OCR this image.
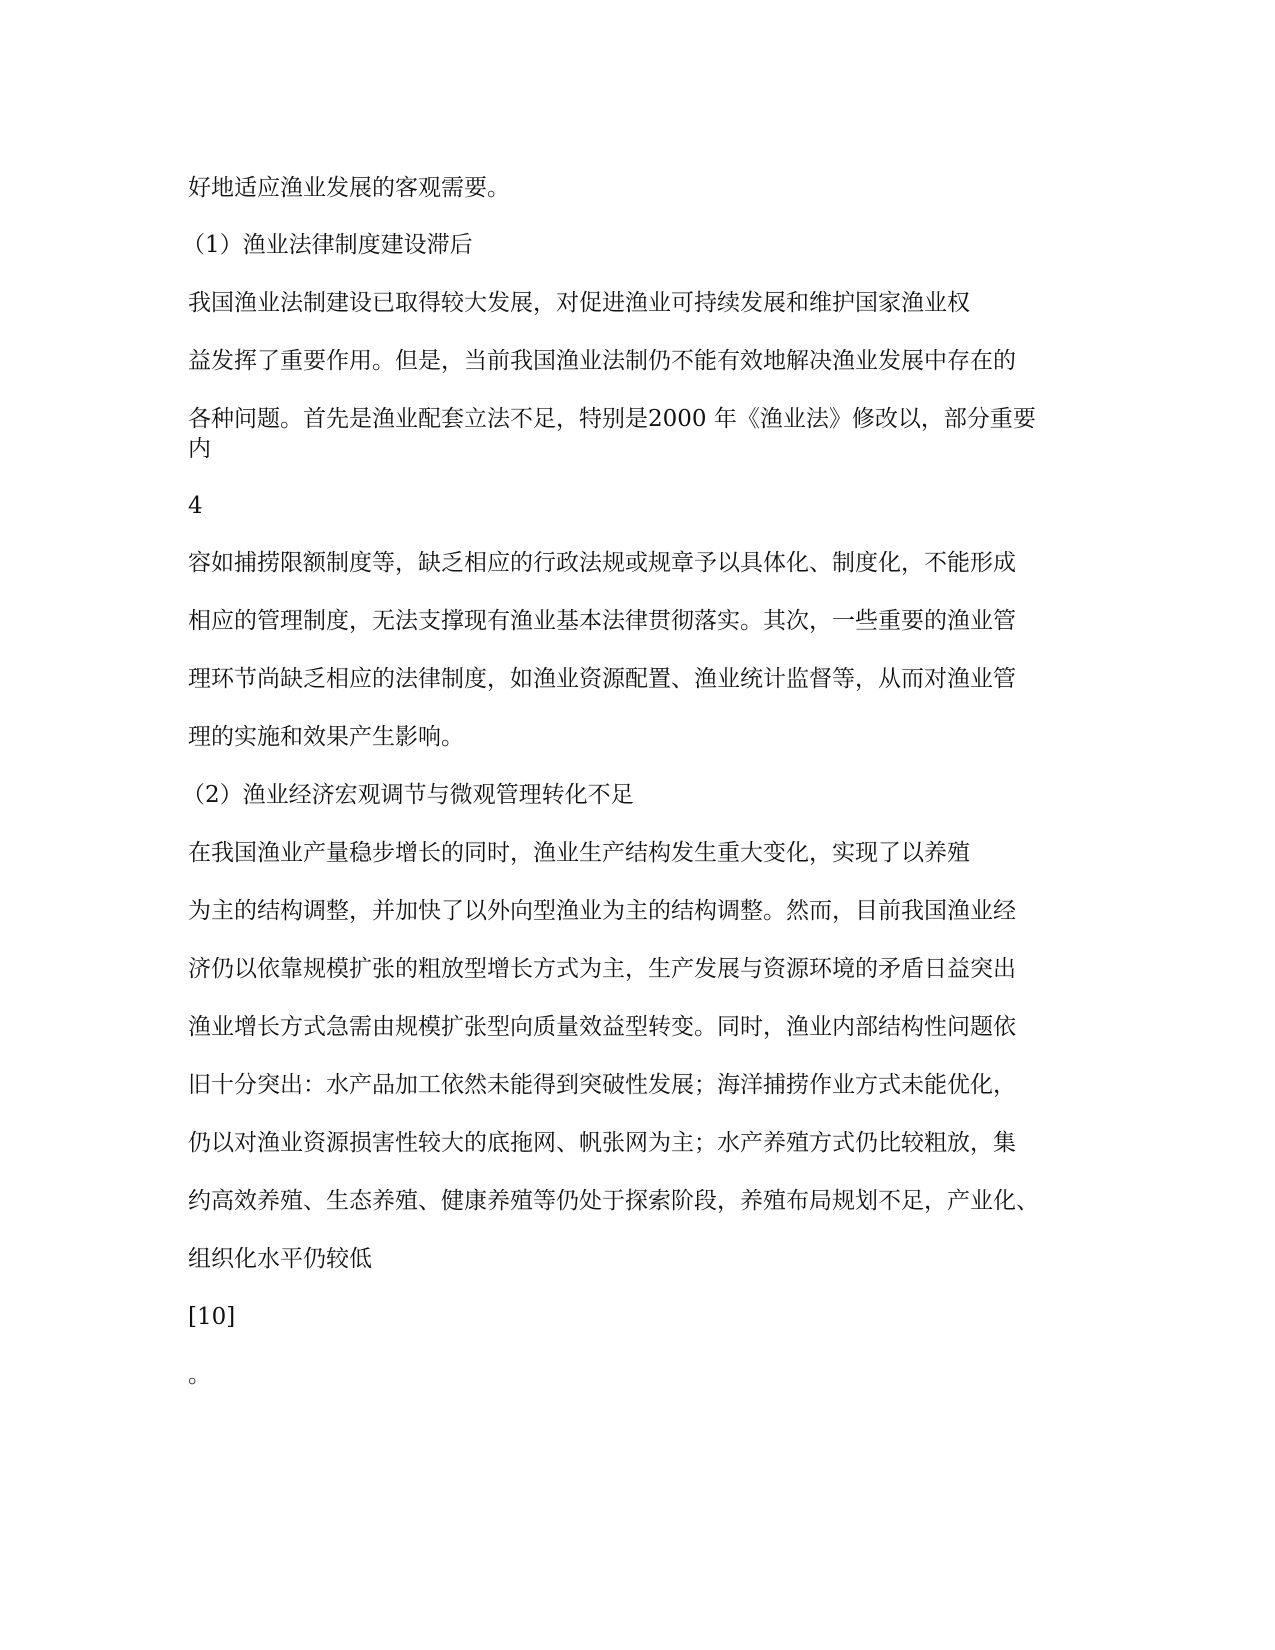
好地适应渔业发展的客观需要。

（1）渔业法律制度建设滞后

我国渔业法制建设已取得较大发展，对促进渔业可持续发展和维护国家渔业权

益发挥了重要作用。但是，当前我国渔业法制仍不能有效地解决渔业发展中存在的

各种问题。首先是渔业配套立法不足，特别是2000 年《渔业法》修改以，部分重要

内

4

容如捕捞限额制度等，缺乏相应的行政法规或规章予以具体化、制度化，不能形成

相应的管理制度，无法支撑现有渔业基本法律贯彻落实。其次，一些重要的渔业管

理环节尚缺乏相应的法律制度，如渔业资源配置、渔业统计监督等，从而对渔业管

理的实施和效果产生影响。

（2）渔业经济宏观调节与微观管理转化不足

在我国渔业产量稳步增长的同时，渔业生产结构发生重大变化，实现了以养殖

为主的结构调整，并加快了以外向型渔业为主的结构调整。然而，目前我国渔业经

济仍以依靠规模扩张的粗放型增长方式为主，生产发展与资源环境的矛盾日益突出

渔业增长方式急需由规模扩张型向质量效益型转变。同时，渔业内部结构性问题依

旧十分突出：水产品加工依然未能得到突破性发展；海洋捕捞作业方式未能优化，

仍以对渔业资源损害性较大的底拖网、帆张网为主；水产养殖方式仍比较粗放，集

约高效养殖、生态养殖、健康养殖等仍处于探索阶段，养殖布局规划不足，产业化、

组织化水平仍较低

[10]

。
